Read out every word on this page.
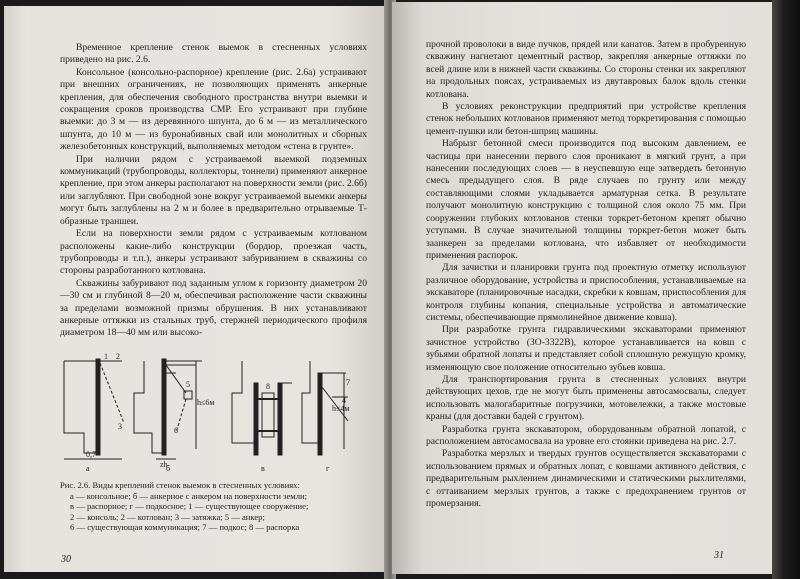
Временное крепление стенок выемок в стесненных условиях приведено на рис. 2.6.

Консольное (консольно-распорное) крепление (рис. 2.6а) устраивают при внешних ограничениях, не позволяющих применять анкерные крепления, для обеспечения свободного пространства внутри выемки и сокращения сроков производства СМР. Его устраивают при глубине выемки: до 3 м — из деревянного шпунта, до 6 м — из металлического шпунта, до 10 м — из буронабивных свай или монолитных и сборных железобетонных конструкций, выполняемых методом «стена в грунте».

При наличии рядом с устраиваемой выемкой подземных коммуникаций (трубопроводы, коллекторы, тоннели) применяют анкерное крепление, при этом анкеры располагают на поверхности земли (рис. 2.6б) или заглубляют. При свободной зоне вокруг устраиваемой выемки анкеры могут быть заглублены на 2 м и более в предварительно отрываемые Т-образные траншеи.

Если на поверхности земли рядом с устраиваемым котлованом расположены какие-либо конструкции (бордюр, проезжая часть, трубопроводы и т.п.), анкеры устраивают забуриванием в скважины со стороны разработанного котлована.

Скважины забуривают под заданным углом к горизонту диаметром 20—30 см и глубиной 8—20 м, обеспечивая расположение части скважины за пределами возможной призмы обрушения. В них устанавливают анкерные оттяжки из стальных труб, стержней периодического профиля диаметром 18—40 мм или высоко-

а	б	в	г
0,7
zh
h≤6м
h≤4м
1 2
3
4
5
6
7
8

Рис. 2.6. Виды креплений стенок выемок в стесненных условиях:

а — консольное; б — анкерное с анкером на поверхности земли;

в — распорное; г — подкосное; 1 — существующее сооружение;

2 — консоль; 2 — котлован; 3 — затяжка; 5 — анкер;

6 — существующая коммуникация; 7 — подкос; 8 — распорка

30

прочной проволоки в виде пучков, прядей или канатов. Затем в пробуренную скважину нагнетают цементный раствор, закрепляя анкерные оттяжки по всей длине или в нижней части скважины. Со стороны стенки их закрепляют на продольных поясах, устраиваемых из двутавровых балок вдоль стенки котлована.

В условиях реконструкции предприятий при устройстве крепления стенок небольших котлованов применяют метод торкретирования с помощью цемент-пушки или бетон-шприц машины.

Набрызг бетонной смеси производится под высоким давлением, ее частицы при нанесении первого слоя проникают в мягкий грунт, а при нанесении последующих слоев — в неуспевшую еще затвердеть бетонную смесь предыдущего слоя. В ряде случаев по грунту или между составляющими слоями укладывается арматурная сетка. В результате получают монолитную конструкцию с толщиной слоя около 75 мм. При сооружении глубоких котлованов стенки торкрет-бетоном крепят обычно уступами. В случае значительной толщины торкрет-бетон может быть заанкерен за пределами котлована, что избавляет от необходимости применения распорок.

Для зачистки и планировки грунта под проектную отметку используют различное оборудование, устройства и приспособления, устанавливаемые на экскаваторе (планировочные насадки, скребки к ковшам, приспособления для контроля глубины копания, специальные устройства и автоматические системы, обеспечивающие прямолинейное движение ковша).

При разработке грунта гидравлическими экскаваторами применяют зачистное устройство (ЗО-3322В), которое устанавливается на ковш с зубьями обратной лопаты и представляет собой сплошную режущую кромку, изменяющую свое положение относительно зубьев ковша.

Для транспортирования грунта в стесненных условиях внутри действующих цехов, где не могут быть применены автосамосвалы, следует использовать малогабаритные погрузчики, мотовележки, а также мостовые краны (для доставки бадей с грунтом).

Разработка грунта экскаватором, оборудованным обратной лопатой, с расположением автосамосвала на уровне его стоянки приведена на рис. 2.7.

Разработка мерзлых и твердых грунтов осуществляется экскаваторами с использованием прямых и обратных лопат, с ковшами активного действия, с предварительным рыхлением динамическими и статическими рыхлителями, с оттаиванием мерзлых грунтов, а также с предохранением грунтов от промерзания.

31
